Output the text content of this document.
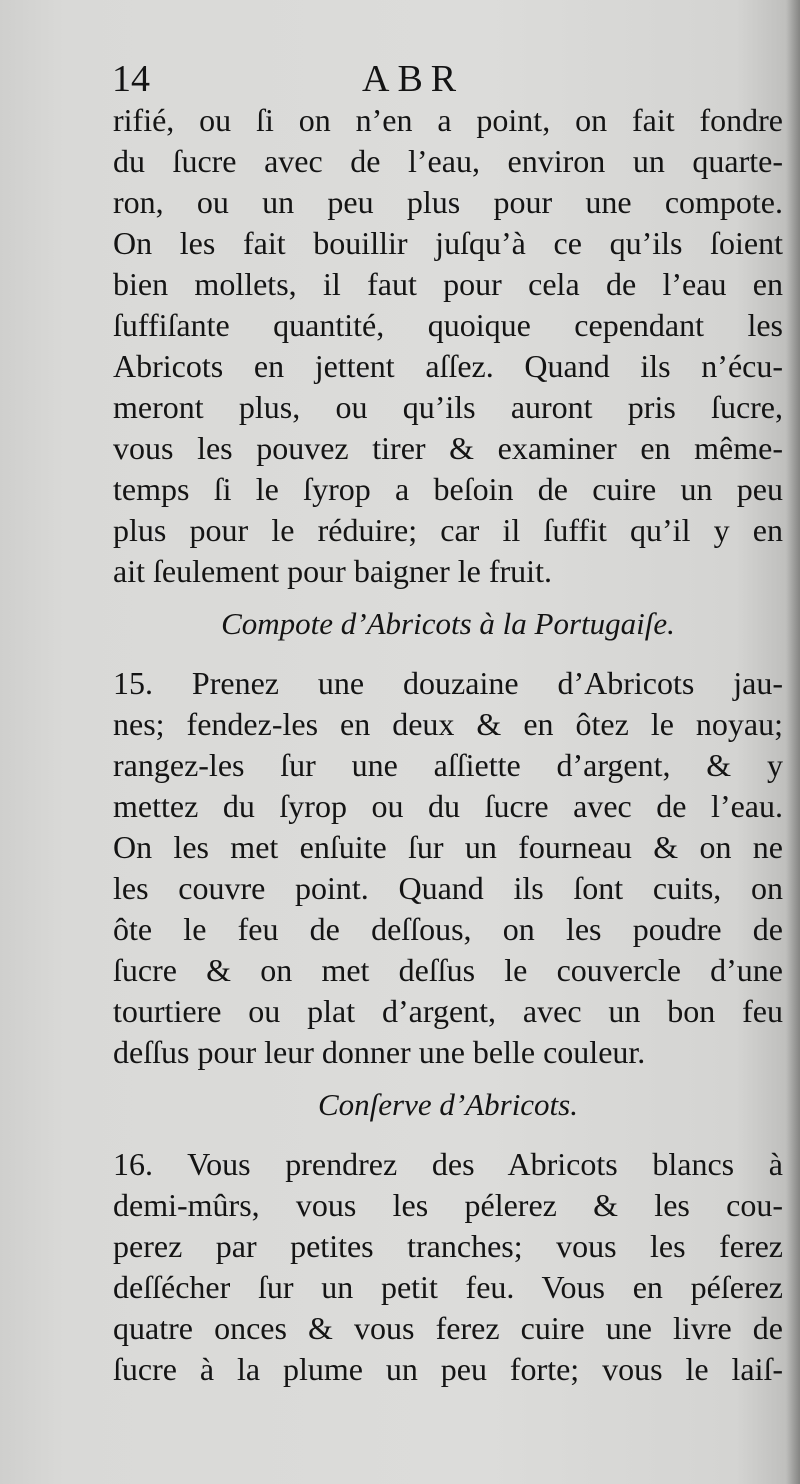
14	ABR
rifié, ou ſi on n’en a point, on fait fondre
du ſucre avec de l’eau, environ un quarte-
ron, ou un peu plus pour une compote.
On les fait bouillir juſqu’à ce qu’ils ſoient
bien mollets, il faut pour cela de l’eau en
ſuffiſante quantité, quoique cependant les
Abricots en jettent aſſez. Quand ils n’écu-
meront plus, ou qu’ils auront pris ſucre,
vous les pouvez tirer & examiner en même-
temps ſi le ſyrop a beſoin de cuire un peu
plus pour le réduire; car il ſuffit qu’il y en
ait ſeulement pour baigner le fruit.
Compote d’Abricots à la Portugaiſe.
15. Prenez une douzaine d’Abricots jau-
nes; fendez-les en deux & en ôtez le noyau;
rangez-les ſur une aſſiette d’argent, & y
mettez du ſyrop ou du ſucre avec de l’eau.
On les met enſuite ſur un fourneau & on ne
les couvre point. Quand ils ſont cuits, on
ôte le feu de deſſous, on les poudre de
ſucre & on met deſſus le couvercle d’une
tourtiere ou plat d’argent, avec un bon feu
deſſus pour leur donner une belle couleur.
Conſerve d’Abricots.
16. Vous prendrez des Abricots blancs à
demi-mûrs, vous les pélerez & les cou-
perez par petites tranches; vous les ferez
deſſécher ſur un petit feu. Vous en péſerez
quatre onces & vous ferez cuire une livre de
ſucre à la plume un peu forte; vous le laiſ-
